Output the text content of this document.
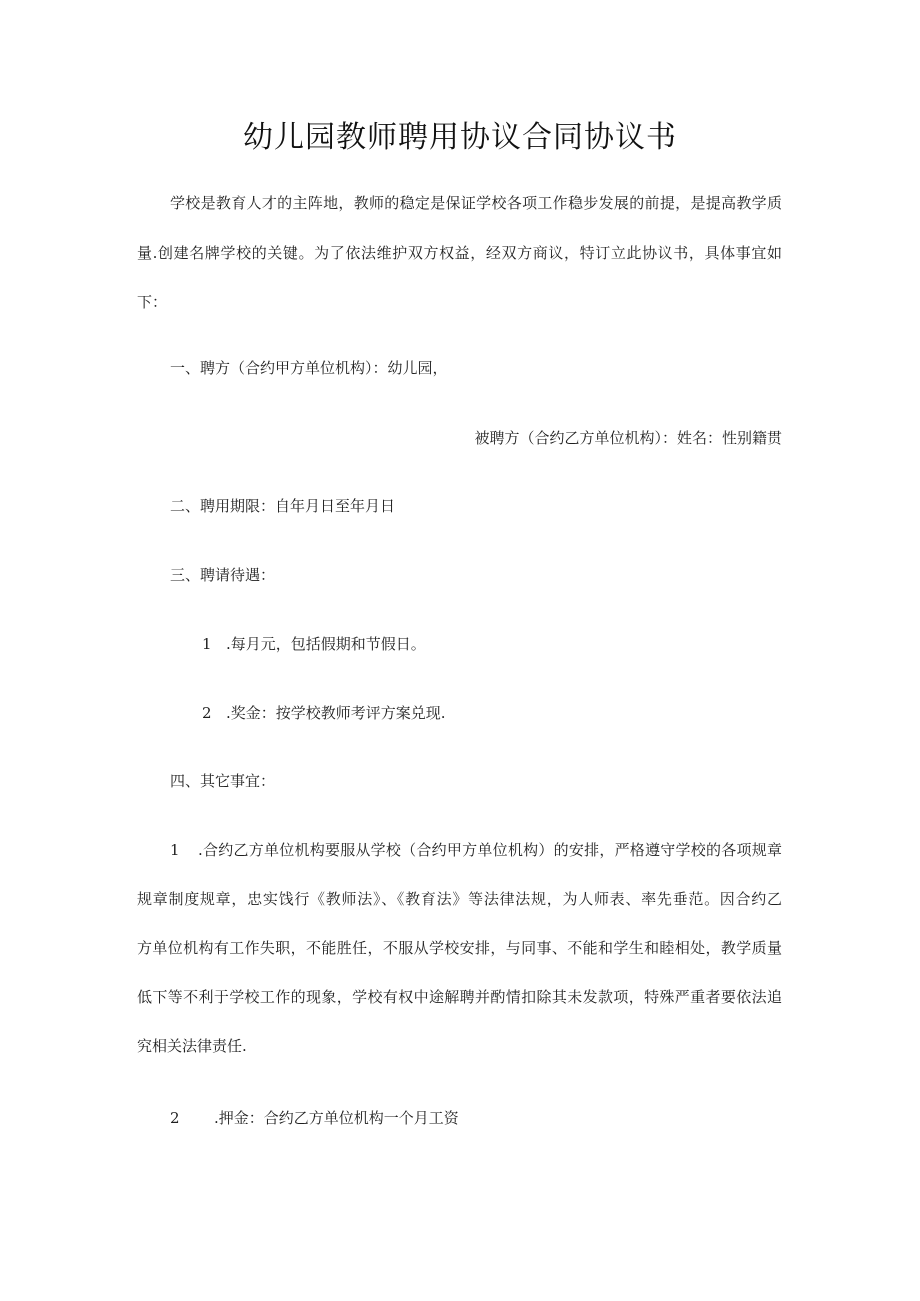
幼儿园教师聘用协议合同协议书

学校是教育人才的主阵地，教师的稳定是保证学校各项工作稳步发展的前提，是提高教学质

量.创建名牌学校的关键。为了依法维护双方权益，经双方商议，特订立此协议书，具体事宜如

下：

一、聘方（合约甲方单位机构）：幼儿园，

被聘方（合约乙方单位机构）：姓名：性别籍贯

二、聘用期限：自年月日至年月日

三、聘请待遇：

1 .每月元，包括假期和节假日。

2 .奖金：按学校教师考评方案兑现.

四、其它事宜：

1 .合约乙方单位机构要服从学校（合约甲方单位机构）的安排，严格遵守学校的各项规章

规章制度规章，忠实饯行《教师法》、《教育法》等法律法规，为人师表、率先垂范。因合约乙

方单位机构有工作失职，不能胜任，不服从学校安排，与同事、不能和学生和睦相处，教学质量

低下等不利于学校工作的现象，学校有权中途解聘并酌情扣除其未发款项，特殊严重者要依法追

究相关法律责任.

2 .押金：合约乙方单位机构一个月工资
